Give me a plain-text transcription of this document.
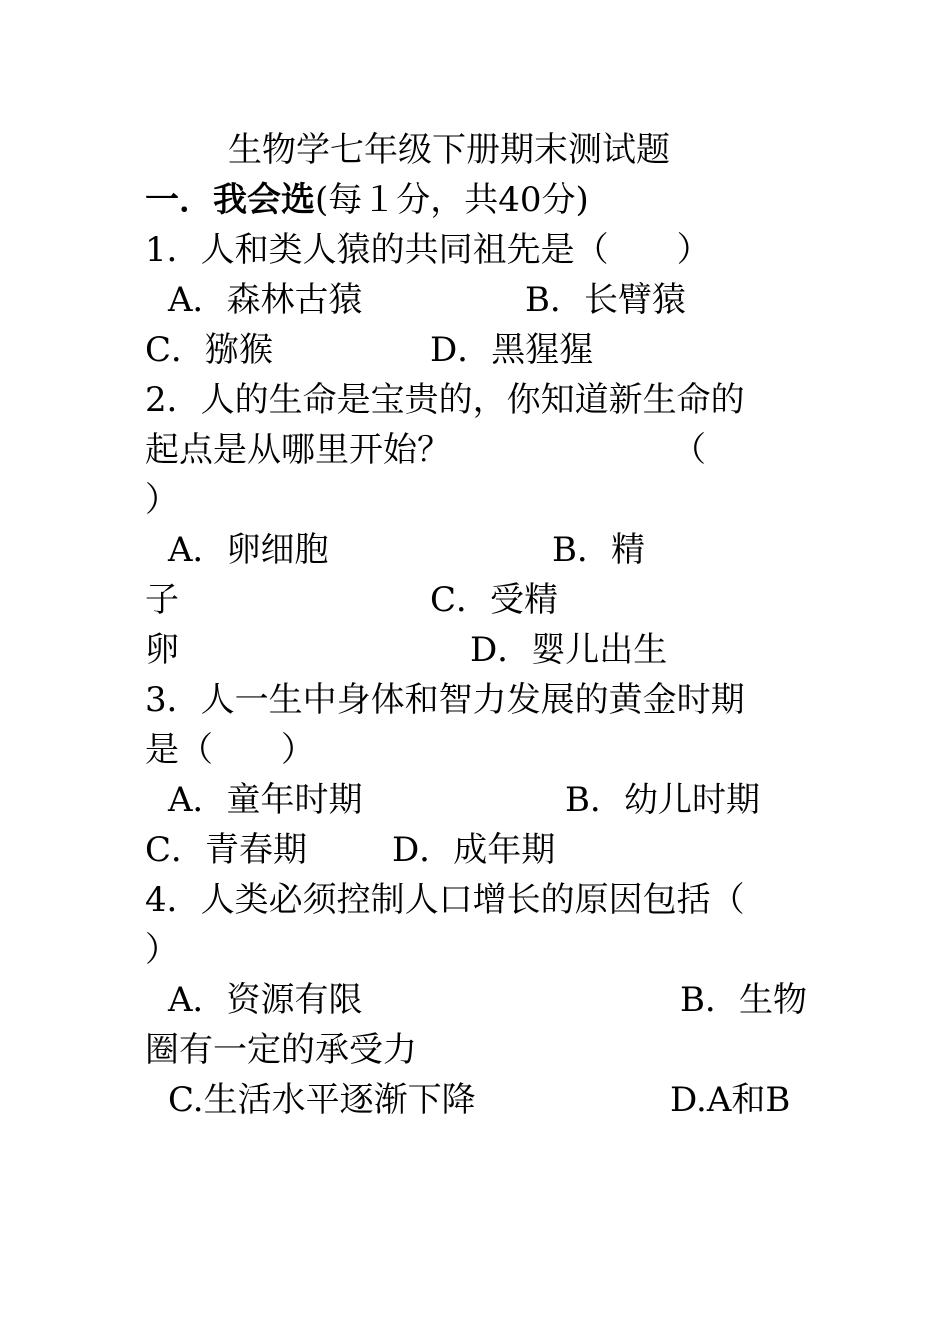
生物学七年级下册期末测试题

一．我会选(每１分，共40分)

1．人和类人猿的共同祖先是（　　）

A．森林古猿	B．长臂猿

C．猕猴	D．黑猩猩

2．人的生命是宝贵的，你知道新生命的

起点是从哪里开始？	（

）

A．卵细胞	B．精

子	C．受精

卵	D．婴儿出生

3．人一生中身体和智力发展的黄金时期

是（　　）

A．童年时期	B．幼儿时期

C．青春期 D．成年期

4．人类必须控制人口增长的原因包括（

）

A．资源有限	B．生物

圈有一定的承受力

C.生活水平逐渐下降	D.A和B
